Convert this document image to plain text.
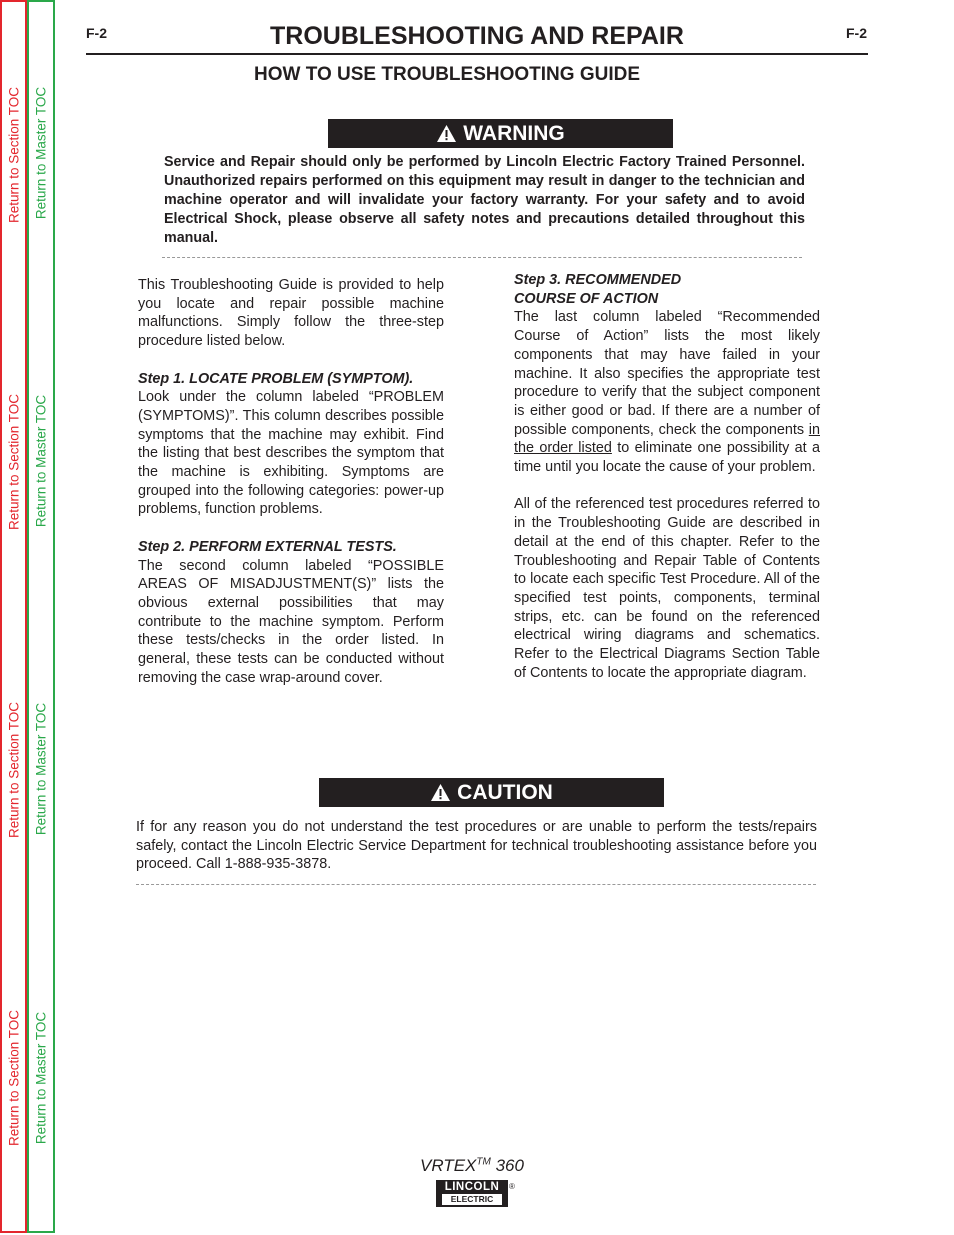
Return to Section TOC
Return to Section TOC
Return to Section TOC
Return to Section TOC
Return to Master TOC
Return to Master TOC
Return to Master TOC
Return to Master TOC
F-2	F-2
TROUBLESHOOTING AND REPAIR
HOW TO USE TROUBLESHOOTING GUIDE
WARNING

Service and Repair should only be performed by Lincoln Electric Factory Trained Personnel. Unauthorized repairs performed on this equipment may result in danger to the technician and machine operator and will invalidate your factory warranty. For your safety and to avoid Electrical Shock, please observe all safety notes and precautions detailed throughout this manual.

This Troubleshooting Guide is provided to help you locate and repair possible machine malfunctions. Simply follow the three-step procedure listed below.

Step 1. LOCATE PROBLEM (SYMPTOM).
Look under the column labeled “PROBLEM (SYMPTOMS)”. This column describes possible symptoms that the machine may exhibit. Find the listing that best describes the symptom that the machine is exhibiting. Symptoms are grouped into the following categories: power-up problems, function problems.

Step 2. PERFORM EXTERNAL TESTS.
The second column labeled “POSSIBLE AREAS OF MISADJUSTMENT(S)” lists the obvious external possibilities that may contribute to the machine symptom. Perform these tests/checks in the order listed. In general, these tests can be conducted without removing the case wrap-around cover.

Step 3. RECOMMENDED
COURSE OF ACTION
The last column labeled “Recommended Course of Action” lists the most likely components that may have failed in your machine. It also specifies the appropriate test procedure to verify that the subject component is either good or bad. If there are a number of possible components, check the components in the order listed to eliminate one possibility at a time until you locate the cause of your problem.

All of the referenced test procedures referred to in the Troubleshooting Guide are described in detail at the end of this chapter. Refer to the Troubleshooting and Repair Table of Contents to locate each specific Test Procedure. All of the specified test points, components, terminal strips, etc. can be found on the referenced electrical wiring diagrams and schematics. Refer to the Electrical Diagrams Section Table of Contents to locate the appropriate diagram.

CAUTION

If for any reason you do not understand the test procedures or are unable to perform the tests/repairs safely, contact the Lincoln Electric Service Department for technical troubleshooting assistance before you proceed. Call 1-888-935-3878.

VRTEX™ 360
LINCOLN
ELECTRIC
®
